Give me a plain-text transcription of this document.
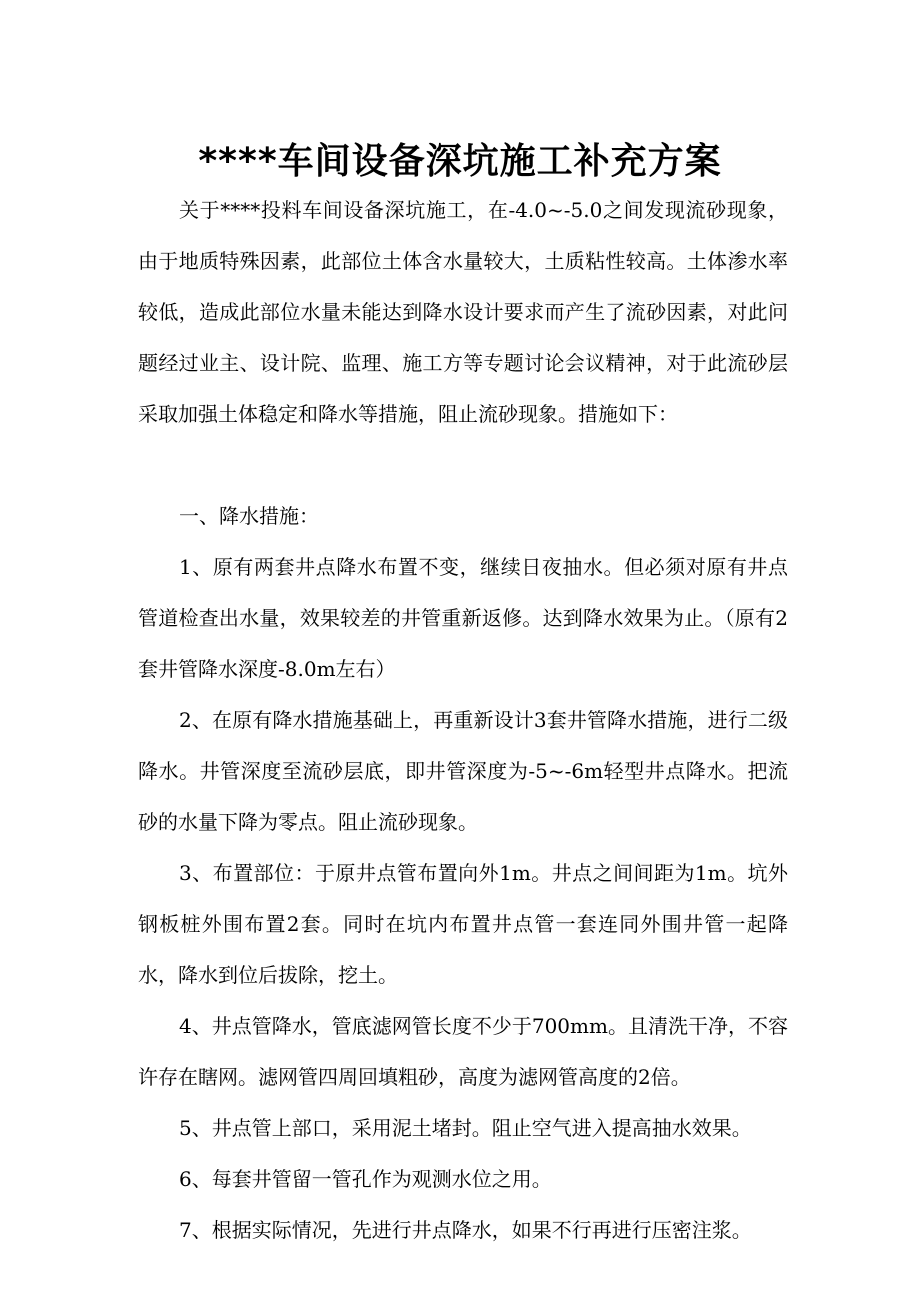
****车间设备深坑施工补充方案

关于****投料车间设备深坑施工，在-4.0~-5.0之间发现流砂现象，由于地质特殊因素，此部位土体含水量较大，土质粘性较高。土体渗水率较低，造成此部位水量未能达到降水设计要求而产生了流砂因素，对此问题经过业主、设计院、监理、施工方等专题讨论会议精神，对于此流砂层采取加强土体稳定和降水等措施，阻止流砂现象。措施如下：

一、降水措施：

1、原有两套井点降水布置不变，继续日夜抽水。但必须对原有井点管道检查出水量，效果较差的井管重新返修。达到降水效果为止。（原有2套井管降水深度-8.0m左右）

2、在原有降水措施基础上，再重新设计3套井管降水措施，进行二级降水。井管深度至流砂层底，即井管深度为-5~-6m轻型井点降水。把流砂的水量下降为零点。阻止流砂现象。

3、布置部位：于原井点管布置向外1m。井点之间间距为1m。坑外钢板桩外围布置2套。同时在坑内布置井点管一套连同外围井管一起降水，降水到位后拔除，挖土。

4、井点管降水，管底滤网管长度不少于700mm。且清洗干净，不容许存在瞎网。滤网管四周回填粗砂，高度为滤网管高度的2倍。

5、井点管上部口，采用泥土堵封。阻止空气进入提高抽水效果。

6、每套井管留一管孔作为观测水位之用。

7、根据实际情况，先进行井点降水，如果不行再进行压密注浆。
